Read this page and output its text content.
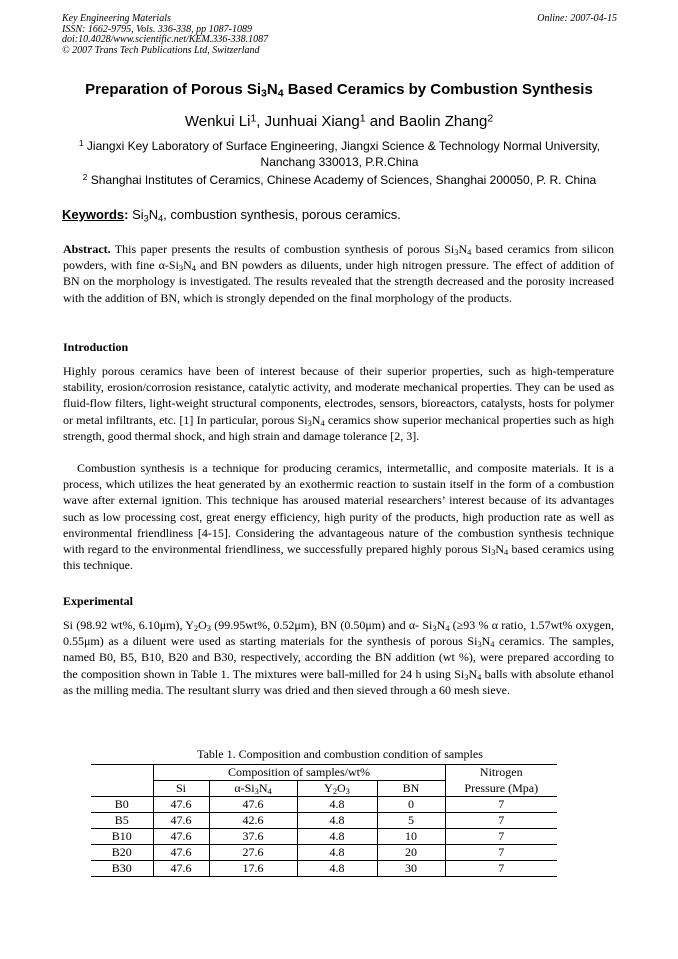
Key Engineering Materials
ISSN: 1662-9795, Vols. 336-338, pp 1087-1089
doi:10.4028/www.scientific.net/KEM.336-338.1087
© 2007 Trans Tech Publications Ltd, Switzerland
Online: 2007-04-15
Preparation of Porous $Si_3N_4$ Based Ceramics by Combustion Synthesis
Wenkui Li$^1$, Junhuai Xiang$^1$ and Baolin Zhang$^2$
$^1$ Jiangxi Key Laboratory of Surface Engineering, Jiangxi Science & Technology Normal University,
Nanchang 330013, P.R.China
$^2$ Shanghai Institutes of Ceramics, Chinese Academy of Sciences, Shanghai 200050, P. R. China
Keywords: $Si_3N_4$, combustion synthesis, porous ceramics.
Abstract. This paper presents the results of combustion synthesis of porous $Si_3N_4$ based ceramics from silicon powders, with fine $\alpha-Si_3N_4$ and BN powders as diluents, under high nitrogen pressure. The effect of addition of BN on the morphology is investigated. The results revealed that the strength decreased and the porosity increased with the addition of BN, which is strongly depended on the final morphology of the products.
Introduction
Highly porous ceramics have been of interest because of their superior properties, such as high-temperature stability, erosion/corrosion resistance, catalytic activity, and moderate mechanical properties. They can be used as fluid-flow filters, light-weight structural components, electrodes, sensors, bioreactors, catalysts, hosts for polymer or metal infiltrants, etc. [1] In particular, porous $Si_3N_4$ ceramics show superior mechanical properties such as high strength, good thermal shock, and high strain and damage tolerance [2, 3].
Combustion synthesis is a technique for producing ceramics, intermetallic, and composite materials. It is a process, which utilizes the heat generated by an exothermic reaction to sustain itself in the form of a combustion wave after external ignition. This technique has aroused material researchers’ interest because of its advantages such as low processing cost, great energy efficiency, high purity of the products, high production rate as well as environmental friendliness [4-15]. Considering the advantageous nature of the combustion synthesis technique with regard to the environmental friendliness, we successfully prepared highly porous $Si_3N_4$ based ceramics using this technique.
Experimental
Si (98.92 wt%, 6.10μm), $Y_2O_3$ (99.95wt%, 0.52μm), BN (0.50μm) and α- $Si_3N_4$ (≥93 % α ratio, 1.57wt% oxygen, 0.55μm) as a diluent were used as starting materials for the synthesis of porous $Si_3N_4$ ceramics. The samples, named B0, B5, B10, B20 and B30, respectively, according the BN addition (wt %), were prepared according to the composition shown in Table 1. The mixtures were ball-milled for 24 h using $Si_3N_4$ balls with absolute ethanol as the milling media. The resultant slurry was dried and then sieved through a 60 mesh sieve.
Table 1. Composition and combustion condition of samples
	Composition of samples/wt%				Nitrogen
	Si	$\alpha-Si_3N_4$	$Y_2O_3$	BN	Pressure (Mpa)
B0	47.6	47.6	4.8	0	7
B5	47.6	42.6	4.8	5	7
B10	47.6	37.6	4.8	10	7
B20	47.6	27.6	4.8	20	7
B30	47.6	17.6	4.8	30	7
